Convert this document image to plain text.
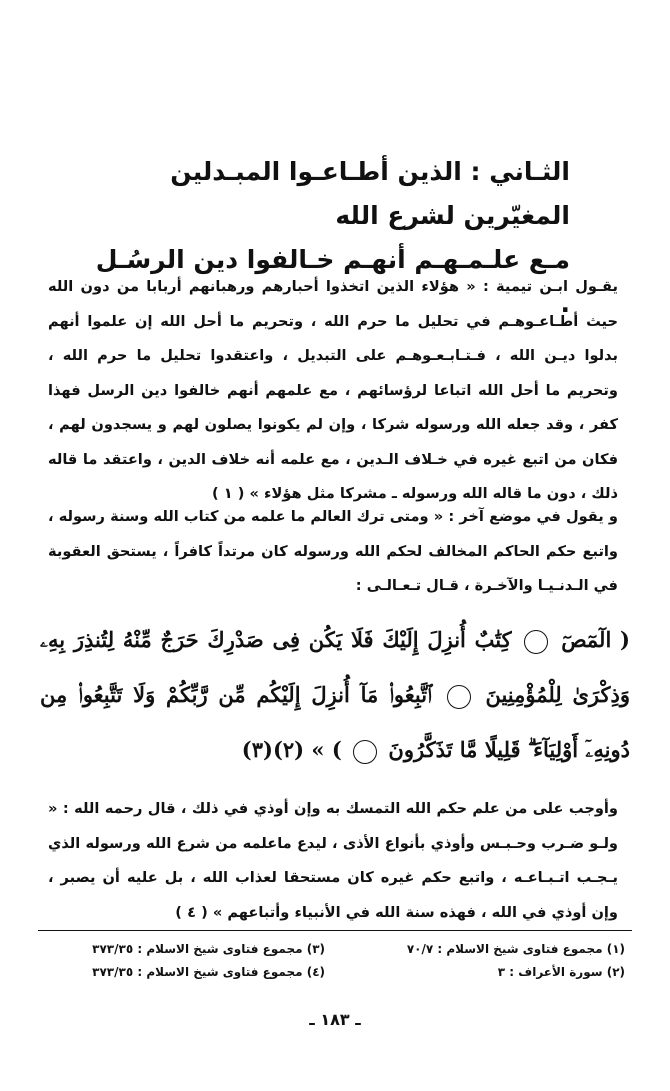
الثـاني : الذين أطـاعـوا المبـدلين المغيّرين لشرع الله
مـع علـمـهـم أنهـم خـالفوا دين الرسُـل .
يقـول ابـن تيمية : « هؤلاء الذين اتخذوا أحبارهم ورهبانهم أربابا من دون الله حيث أطـاعـوهـم في تحليل ما حرم الله ، وتحريم ما أحل الله إن علموا أنهم بدلوا ديـن الله ، فـتـابـعـوهـم على التبديل ، واعتقدوا تحليل ما حرم الله ، وتحريم ما أحل الله اتباعا لرؤسائهم ، مع علمهم أنهم خالفوا دين الرسل فهذا كفر ، وقد جعله الله ورسوله شركا ، وإن لم يكونوا يصلون لهم و يسجدون لهم ، فكان من اتبع غيره في خـلاف الـدين ، مع علمه أنه خلاف الدين ، واعتقد ما قاله ذلك ، دون ما قاله الله ورسوله ـ مشركا مثل هؤلاء » ( ١ )
و يقول في موضع آخر : « ومتى ترك العالم ما علمه من كتاب الله وسنة رسوله ، واتبع حكم الحاكم المخالف لحكم الله ورسوله كان مرتداً كافراً ، يستحق العقوبة في الـدنـيـا والآخـرة ، قـال تـعـالـى :
( الٓمٓصٓ  كِتَٰبٌ أُنزِلَ إِلَيْكَ فَلَا يَكُن فِى صَدْرِكَ حَرَجٌ مِّنْهُ لِتُنذِرَ بِهِۦ وَذِكْرَىٰ لِلْمُؤْمِنِينَ  ٱتَّبِعُوا۟ مَآ أُنزِلَ إِلَيْكُم مِّن رَّبِّكُمْ وَلَا تَتَّبِعُوا۟ مِن دُونِهِۦٓ أَوْلِيَآءَ ۗ قَلِيلًا مَّا تَذَكَّرُونَ  ) » (٢)(٣)
وأوجب على من علم حكم الله التمسك به وإن أوذي في ذلك ، قال رحمه الله : « ولـو ضـرب وحـبـس وأوذي بأنواع الأذى ، ليدع ماعلمه من شرع الله ورسوله الذي يـجـب اتـبـاعـه ، واتبع حكم غيره كان مستحقا لعذاب الله ، بل عليه أن يصبر ، وإن أوذي في الله ، فهذه سنة الله في الأنبياء وأتباعهم » ( ٤ )
(١) مجموع فتاوى شيخ الاسلام : ٧٠/٧
(٣) مجموع فتاوى شيخ الاسلام : ٣٧٣/٣٥
(٢) سورة الأعراف : ٣
(٤) مجموع فتاوى شيخ الاسلام : ٣٧٣/٣٥
ـ ١٨٣ ـ
